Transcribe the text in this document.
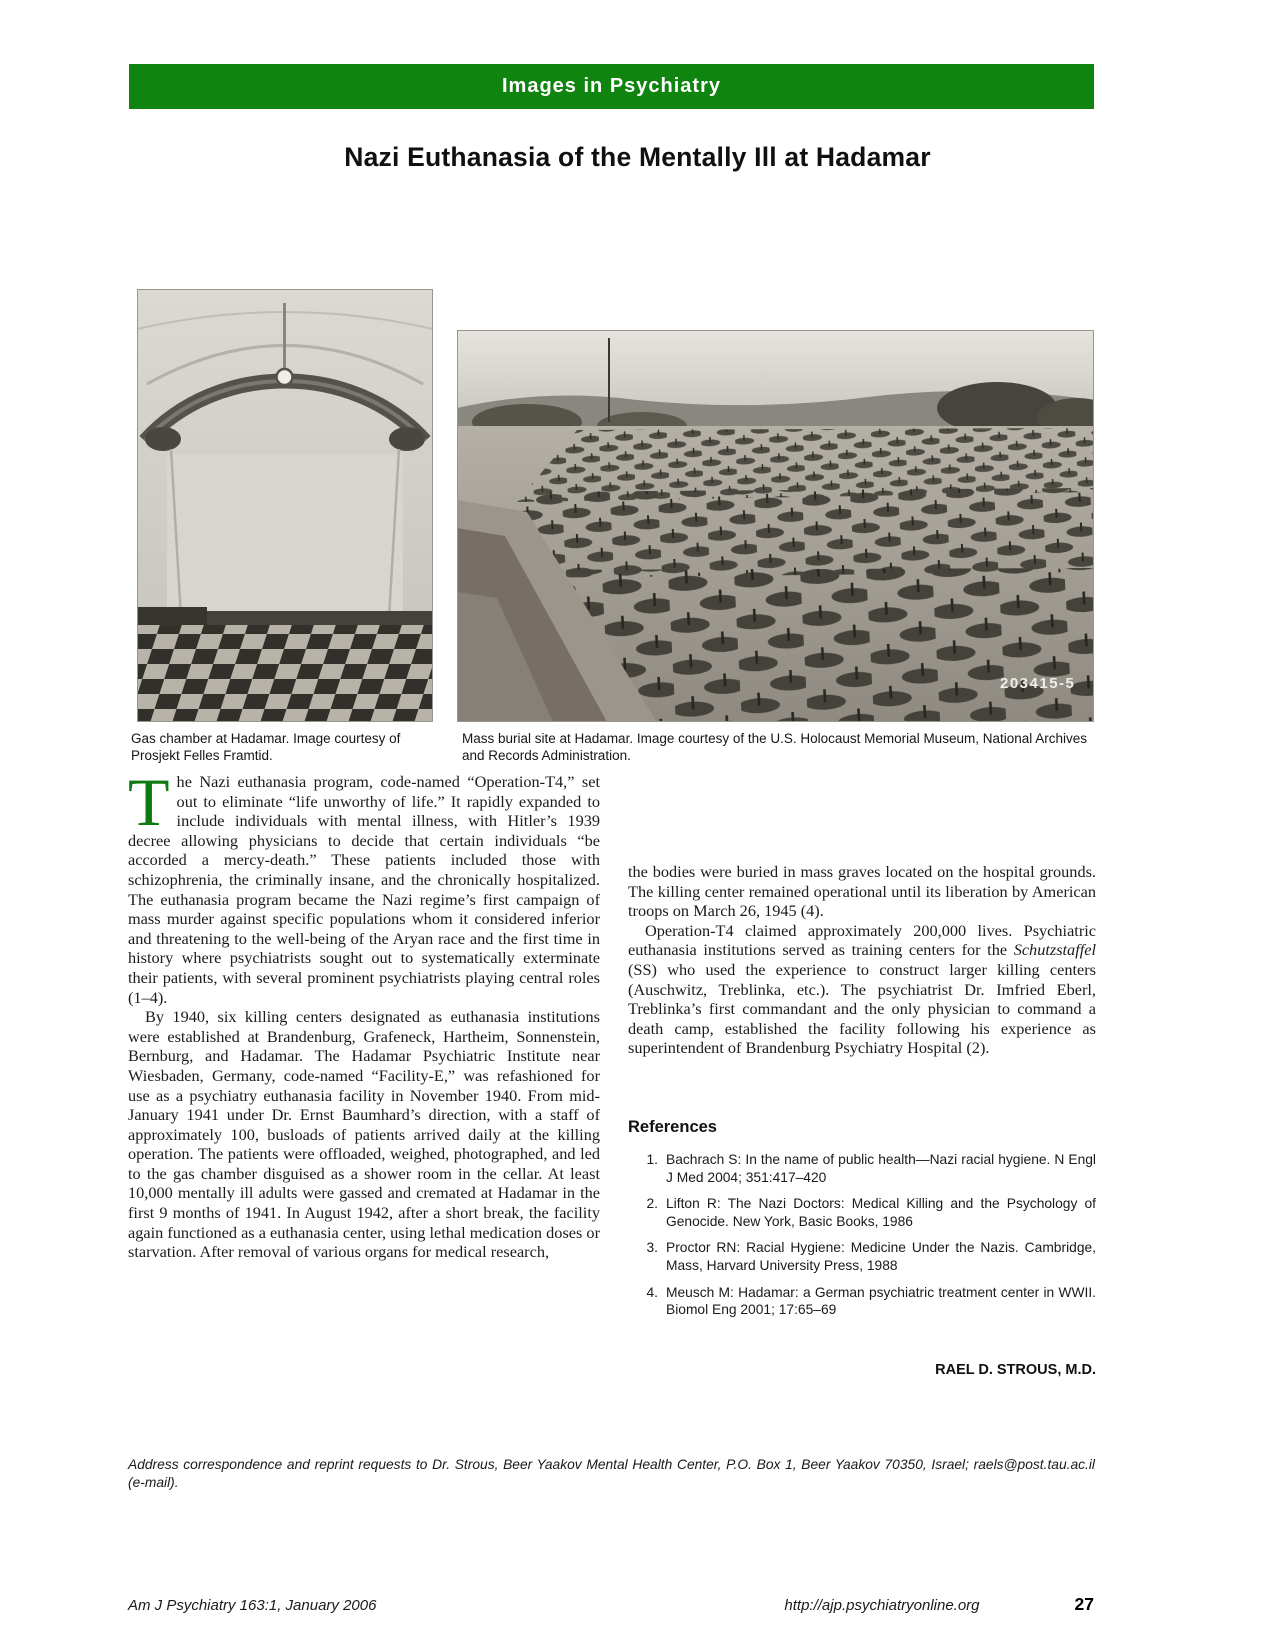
Images in Psychiatry
Nazi Euthanasia of the Mentally Ill at Hadamar
203415-5
Gas chamber at Hadamar. Image courtesy of Prosjekt Felles Framtid.
Mass burial site at Hadamar. Image courtesy of the U.S. Holocaust Memorial Museum, National Archives and Records Administration.

The Nazi euthanasia program, code-named “Operation-T4,” set out to eliminate “life unworthy of life.” It rapidly expanded to include individuals with mental illness, with Hitler’s 1939 decree allowing physicians to decide that certain individuals “be accorded a mercy-death.” These patients included those with schizophrenia, the criminally insane, and the chronically hospitalized. The euthanasia program became the Nazi regime’s first campaign of mass murder against specific populations whom it considered inferior and threatening to the well-being of the Aryan race and the first time in history where psychiatrists sought out to systematically exterminate their patients, with several prominent psychiatrists playing central roles (1–4).

By 1940, six killing centers designated as euthanasia institutions were established at Brandenburg, Grafeneck, Hartheim, Sonnenstein, Bernburg, and Hadamar. The Hadamar Psychiatric Institute near Wiesbaden, Germany, code-named “Facility-E,” was refashioned for use as a psychiatry euthanasia facility in November 1940. From mid-January 1941 under Dr. Ernst Baumhard’s direction, with a staff of approximately 100, busloads of patients arrived daily at the killing operation. The patients were offloaded, weighed, photographed, and led to the gas chamber disguised as a shower room in the cellar. At least 10,000 mentally ill adults were gassed and cremated at Hadamar in the first 9 months of 1941. In August 1942, after a short break, the facility again functioned as a euthanasia center, using lethal medication doses or starvation. After removal of various organs for medical research,

the bodies were buried in mass graves located on the hospital grounds. The killing center remained operational until its liberation by American troops on March 26, 1945 (4).

Operation-T4 claimed approximately 200,000 lives. Psychiatric euthanasia institutions served as training centers for the Schutzstaffel (SS) who used the experience to construct larger killing centers (Auschwitz, Treblinka, etc.). The psychiatrist Dr. Imfried Eberl, Treblinka’s first commandant and the only physician to command a death camp, established the facility following his experience as superintendent of Brandenburg Psychiatry Hospital (2).

References
1. Bachrach S: In the name of public health—Nazi racial hygiene. N Engl J Med 2004; 351:417–420
2. Lifton R: The Nazi Doctors: Medical Killing and the Psychology of Genocide. New York, Basic Books, 1986
3. Proctor RN: Racial Hygiene: Medicine Under the Nazis. Cambridge, Mass, Harvard University Press, 1988
4. Meusch M: Hadamar: a German psychiatric treatment center in WWII. Biomol Eng 2001; 17:65–69
RAEL D. STROUS, M.D.
Address correspondence and reprint requests to Dr. Strous, Beer Yaakov Mental Health Center, P.O. Box 1, Beer Yaakov 70350, Israel; raels@post.tau.ac.il (e-mail).
Am J Psychiatry 163:1, January 2006	http://ajp.psychiatryonline.org	27
